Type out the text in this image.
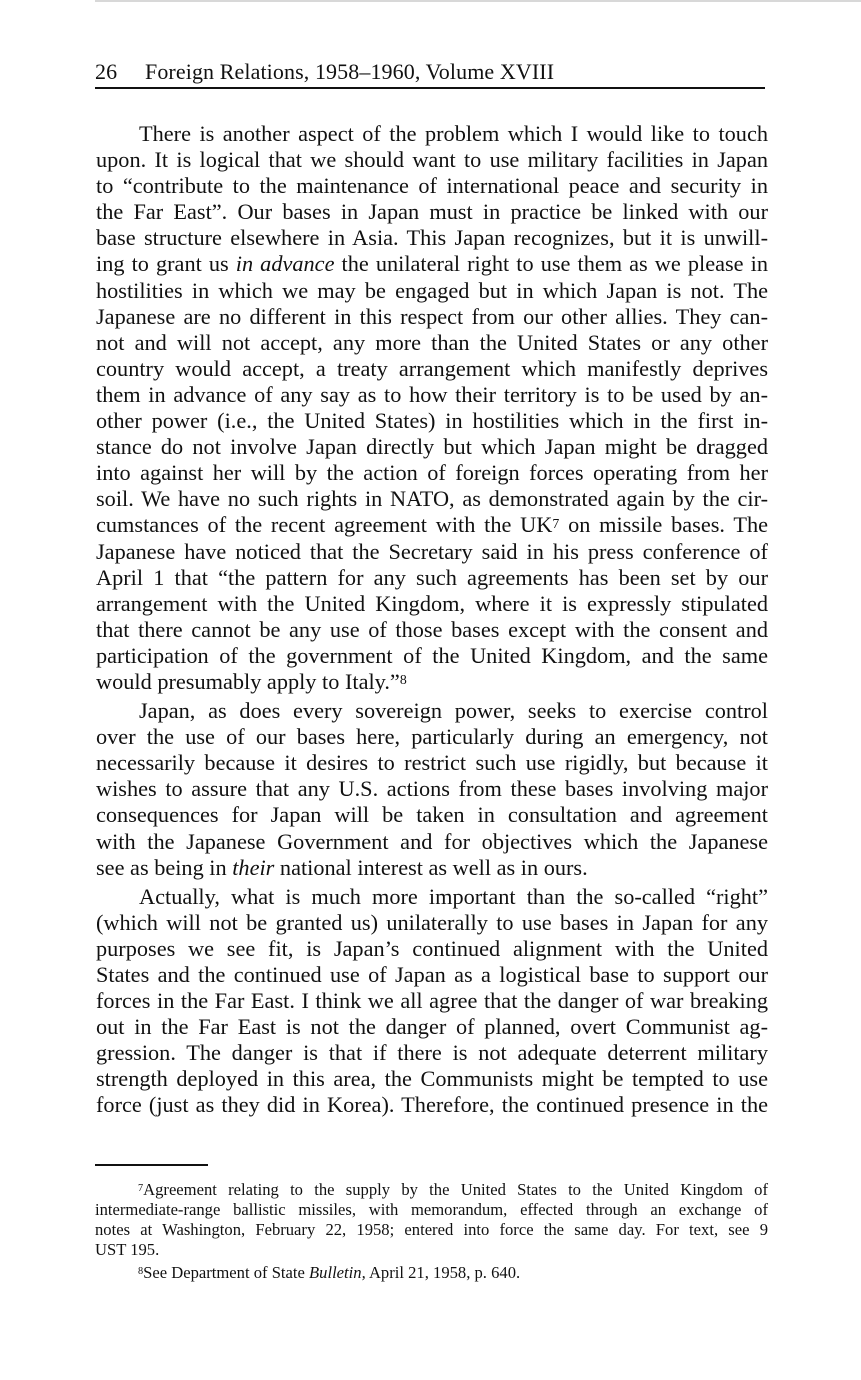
26	Foreign Relations, 1958–1960, Volume XVIII
There is another aspect of the problem which I would like to touch
upon. It is logical that we should want to use military facilities in Japan
to “contribute to the maintenance of international peace and security in
the Far East”. Our bases in Japan must in practice be linked with our
base structure elsewhere in Asia. This Japan recognizes, but it is unwill-
ing to grant us in advance the unilateral right to use them as we please in
hostilities in which we may be engaged but in which Japan is not. The
Japanese are no different in this respect from our other allies. They can-
not and will not accept, any more than the United States or any other
country would accept, a treaty arrangement which manifestly deprives
them in advance of any say as to how their territory is to be used by an-
other power (i.e., the United States) in hostilities which in the first in-
stance do not involve Japan directly but which Japan might be dragged
into against her will by the action of foreign forces operating from her
soil. We have no such rights in NATO, as demonstrated again by the cir-
cumstances of the recent agreement with the $UK^7$ on missile bases. The
Japanese have noticed that the Secretary said in his press conference of
April 1 that “the pattern for any such agreements has been set by our
arrangement with the United Kingdom, where it is expressly stipulated
that there cannot be any use of those bases except with the consent and
participation of the government of the United Kingdom, and the same
would presumably apply to Italy.”$^8$
Japan, as does every sovereign power, seeks to exercise control
over the use of our bases here, particularly during an emergency, not
necessarily because it desires to restrict such use rigidly, but because it
wishes to assure that any U.S. actions from these bases involving major
consequences for Japan will be taken in consultation and agreement
with the Japanese Government and for objectives which the Japanese
see as being in their national interest as well as in ours.
Actually, what is much more important than the so-called “right”
(which will not be granted us) unilaterally to use bases in Japan for any
purposes we see fit, is Japan’s continued alignment with the United
States and the continued use of Japan as a logistical base to support our
forces in the Far East. I think we all agree that the danger of war breaking
out in the Far East is not the danger of planned, overt Communist ag-
gression. The danger is that if there is not adequate deterrent military
strength deployed in this area, the Communists might be tempted to use
force (just as they did in Korea). Therefore, the continued presence in the
$^7$Agreement relating to the supply by the United States to the United Kingdom of
intermediate-range ballistic missiles, with memorandum, effected through an exchange of
notes at Washington, February 22, 1958; entered into force the same day. For text, see 9
UST 195.
$^8$See Department of State Bulletin, April 21, 1958, p. 640.
